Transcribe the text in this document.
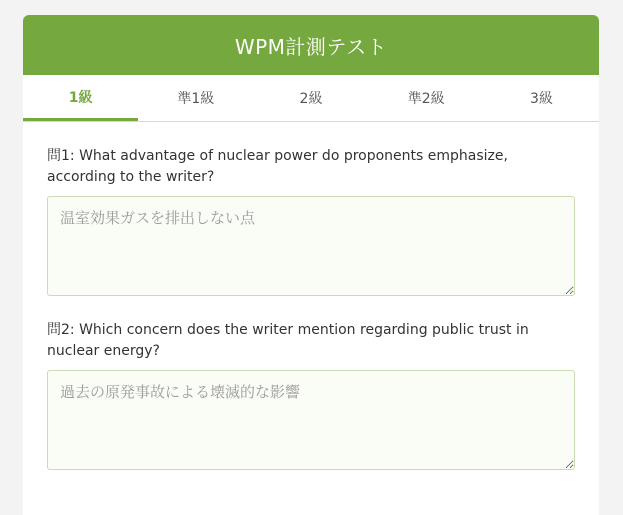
WPM計測テスト
1級	準1級	2級	準2級	3級
問1: What advantage of nuclear power do proponents emphasize, according to the writer?
温室効果ガスを排出しない点
問2: Which concern does the writer mention regarding public trust in nuclear energy?
過去の原発事故による壊滅的な影響
